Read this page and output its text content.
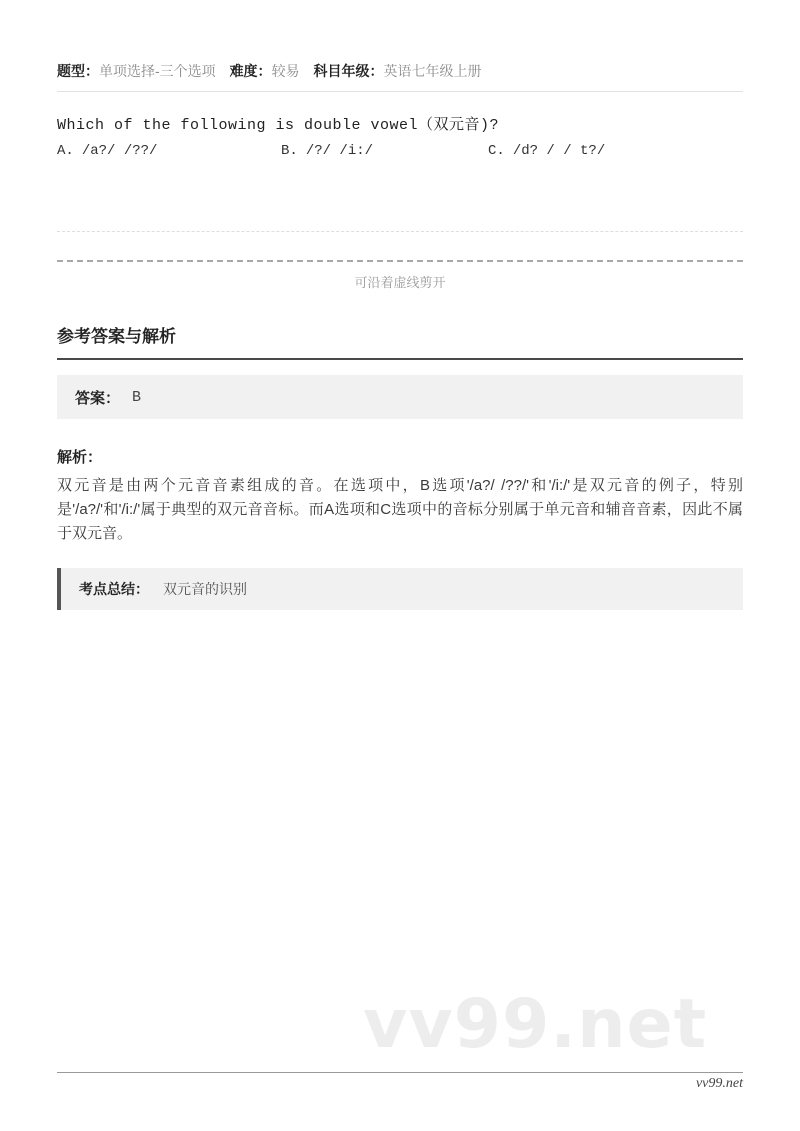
题型：单项选择-三个选项 难度：较易 科目年级：英语七年级上册
Which of the following is double vowel（双元音)?
A. /a?/ /??/	B. /?/ /i:/	C. /d? / / t?/
可沿着虚线剪开
参考答案与解析
答案： B
解析：
双元音是由两个元音音素组成的音。在选项中，B选项'/a?/ /??/'和'/i:/'是双元音的例子，特别是'/a?/'和'/i:/'属于典型的双元音音标。而A选项和C选项中的音标分别属于单元音和辅音音素，因此不属于双元音。
考点总结： 双元音的识别
vv99.net
vv99.net
